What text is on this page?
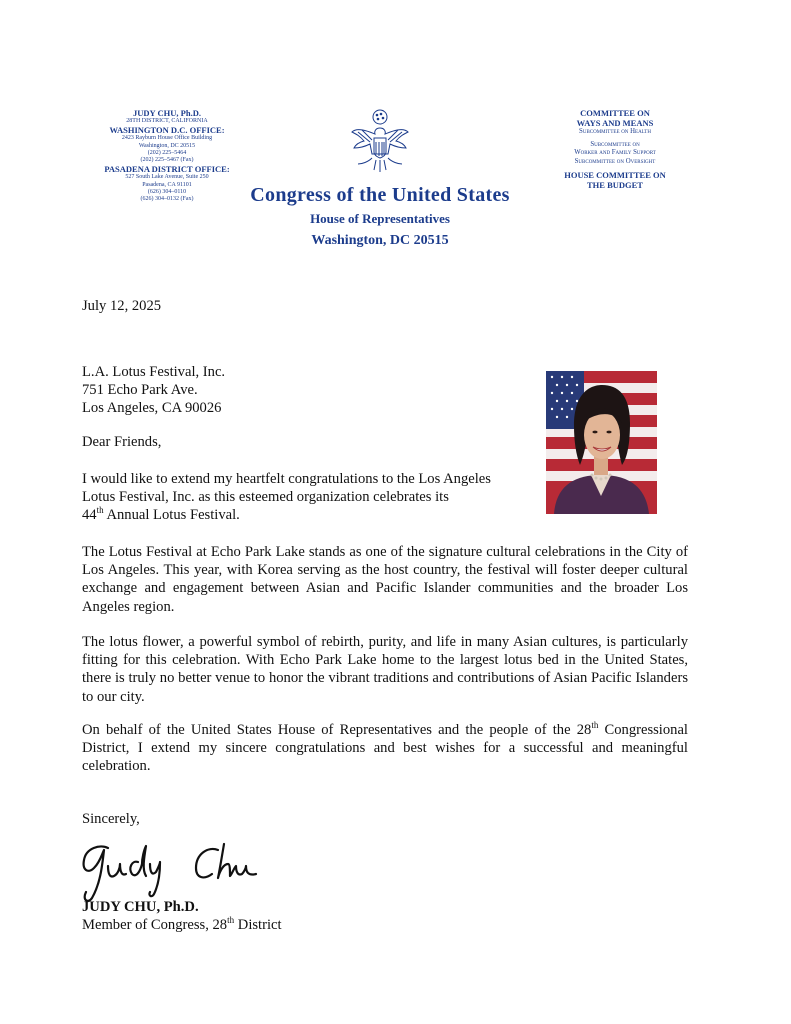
JUDY CHU, Ph.D.
28TH DISTRICT, CALIFORNIA
WASHINGTON D.C. OFFICE:
2423 Rayburn House Office Building
Washington, DC 20515
(202) 225–5464
(202) 225–5467 (Fax)
PASADENA DISTRICT OFFICE:
527 South Lake Avenue, Suite 250
Pasadena, CA 91101
(626) 304–0110
(626) 304–0132 (Fax)	Congress of the United States
House of Representatives
Washington, DC 20515
COMMITTEE ON
WAYS AND MEANS
Subcommittee on Health
Subcommittee on
Worker and Family Support
Subcommittee on Oversight
HOUSE COMMITTEE ON
THE BUDGET
July 12, 2025
L.A. Lotus Festival, Inc.
751 Echo Park Ave.
Los Angeles, CA 90026
Dear Friends,
I would like to extend my heartfelt congratulations to the Los Angeles
Lotus Festival, Inc. as this esteemed organization celebrates its
44th Annual Lotus Festival.
The Lotus Festival at Echo Park Lake stands as one of the signature cultural celebrations in the City of Los Angeles. This year, with Korea serving as the host country, the festival will foster deeper cultural exchange and engagement between Asian and Pacific Islander communities and the broader Los Angeles region.
The lotus flower, a powerful symbol of rebirth, purity, and life in many Asian cultures, is particularly fitting for this celebration. With Echo Park Lake home to the largest lotus bed in the United States, there is truly no better venue to honor the vibrant traditions and contributions of Asian Pacific Islanders to our city.
On behalf of the United States House of Representatives and the people of the 28th Congressional District, I extend my sincere congratulations and best wishes for a successful and meaningful celebration.
Sincerely,
JUDY CHU, Ph.D.
Member of Congress, 28th District
